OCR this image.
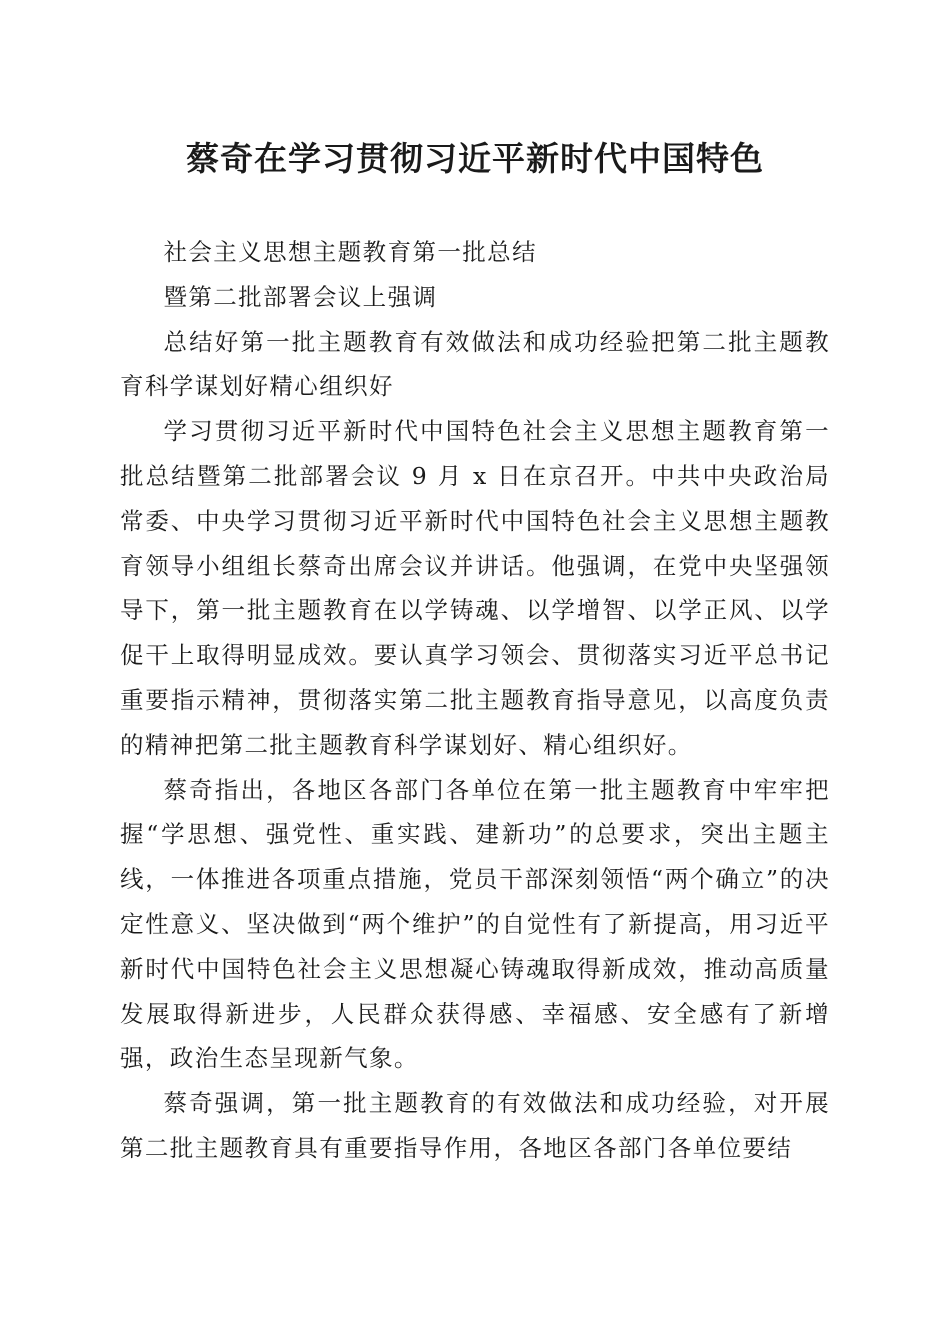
蔡奇在学习贯彻习近平新时代中国特色

社会主义思想主题教育第一批总结

暨第二批部署会议上强调

总结好第一批主题教育有效做法和成功经验把第二批主题教育科学谋划好精心组织好

学习贯彻习近平新时代中国特色社会主义思想主题教育第一批总结暨第二批部署会议 9 月 x 日在京召开。中共中央政治局常委、中央学习贯彻习近平新时代中国特色社会主义思想主题教育领导小组组长蔡奇出席会议并讲话。他强调，在党中央坚强领导下，第一批主题教育在以学铸魂、以学增智、以学正风、以学促干上取得明显成效。要认真学习领会、贯彻落实习近平总书记重要指示精神，贯彻落实第二批主题教育指导意见，以高度负责的精神把第二批主题教育科学谋划好、精心组织好。

蔡奇指出，各地区各部门各单位在第一批主题教育中牢牢把握“学思想、强党性、重实践、建新功”的总要求，突出主题主线，一体推进各项重点措施，党员干部深刻领悟“两个确立”的决定性意义、坚决做到“两个维护”的自觉性有了新提高，用习近平新时代中国特色社会主义思想凝心铸魂取得新成效，推动高质量发展取得新进步，人民群众获得感、幸福感、安全感有了新增强，政治生态呈现新气象。

蔡奇强调，第一批主题教育的有效做法和成功经验，对开展第二批主题教育具有重要指导作用，各地区各部门各单位要结
